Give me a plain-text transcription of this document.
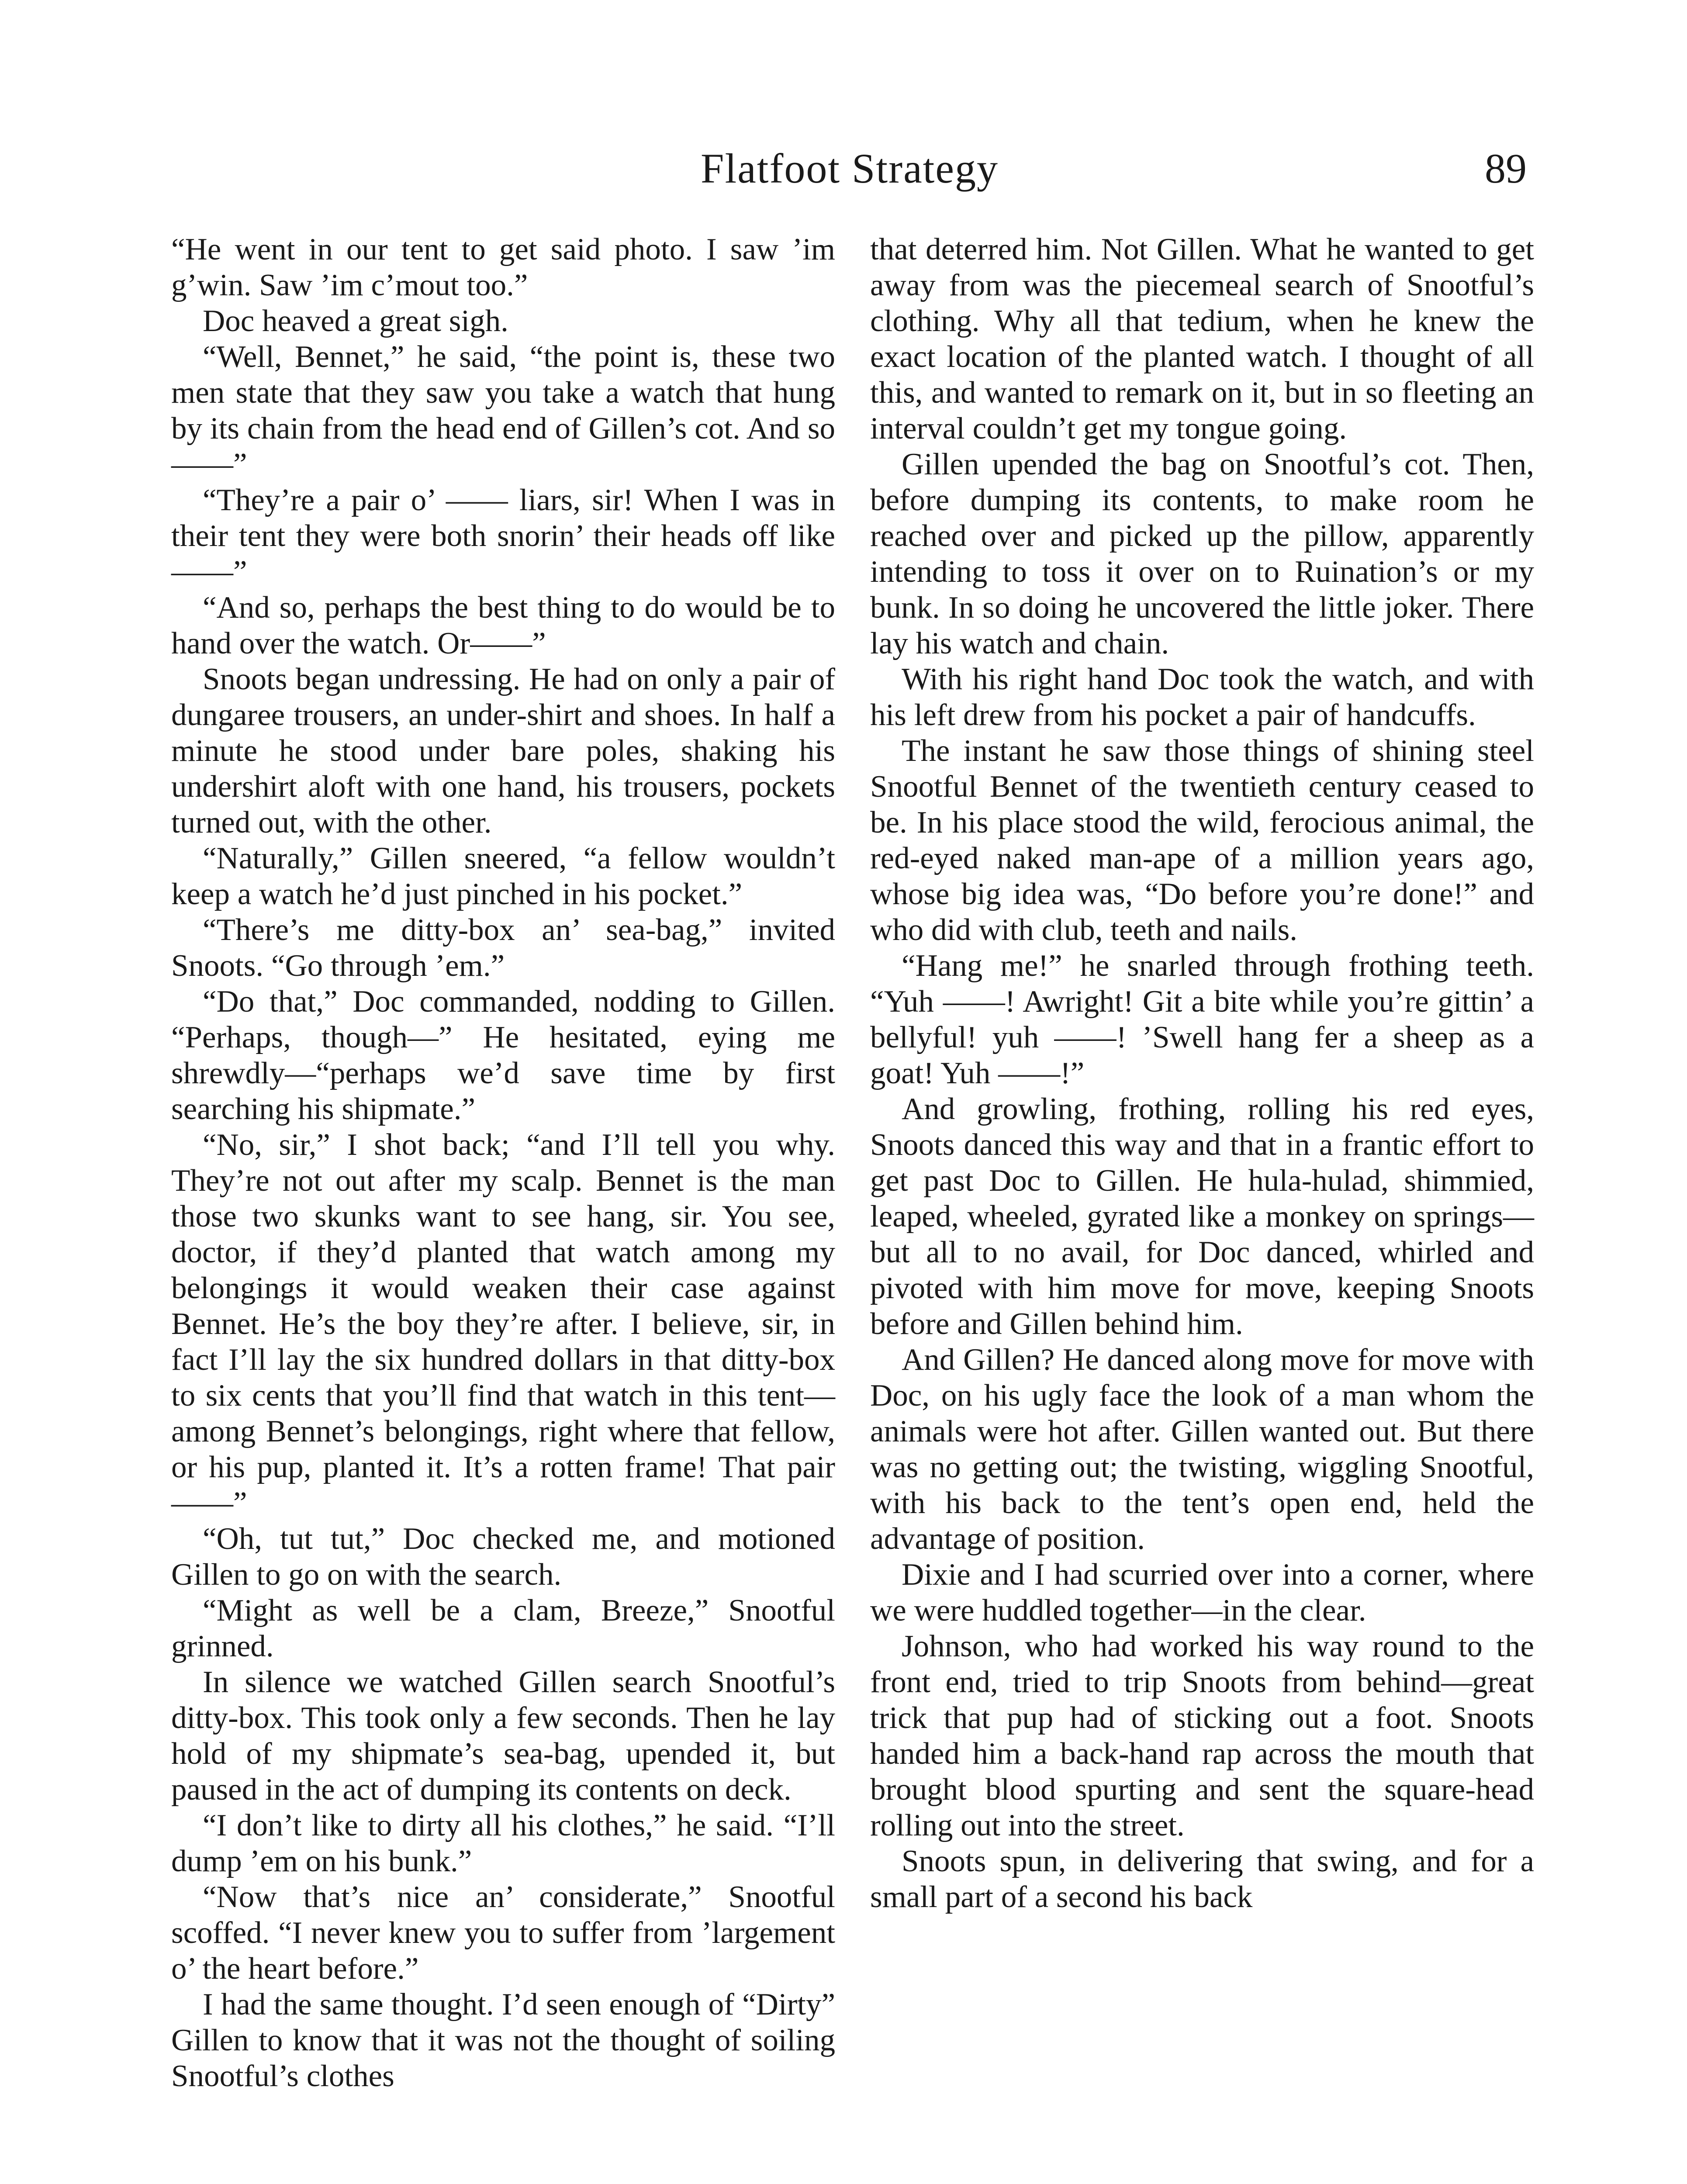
Flatfoot Strategy	89

“He went in our tent to get said photo. I saw ’im g’win. Saw ’im c’mout too.”

Doc heaved a great sigh.

“Well, Bennet,” he said, “the point is, these two men state that they saw you take a watch that hung by its chain from the head end of Gillen’s cot. And so——”

“They’re a pair o’ —— liars, sir! When I was in their tent they were both snorin’ their heads off like——”

“And so, perhaps the best thing to do would be to hand over the watch. Or——”

Snoots began undressing. He had on only a pair of dungaree trousers, an under-shirt and shoes. In half a minute he stood under bare poles, shaking his undershirt aloft with one hand, his trousers, pockets turned out, with the other.

“Naturally,” Gillen sneered, “a fellow wouldn’t keep a watch he’d just pinched in his pocket.”

“There’s me ditty-box an’ sea-bag,” invited Snoots. “Go through ’em.”

“Do that,” Doc commanded, nodding to Gillen. “Perhaps, though—” He hesitated, eying me shrewdly—“perhaps we’d save time by first searching his shipmate.”

“No, sir,” I shot back; “and I’ll tell you why. They’re not out after my scalp. Bennet is the man those two skunks want to see hang, sir. You see, doctor, if they’d planted that watch among my belongings it would weaken their case against Bennet. He’s the boy they’re after. I believe, sir, in fact I’ll lay the six hundred dollars in that ditty-box to six cents that you’ll find that watch in this tent—among Bennet’s belongings, right where that fellow, or his pup, planted it. It’s a rotten frame! That pair——”

“Oh, tut tut,” Doc checked me, and motioned Gillen to go on with the search.

“Might as well be a clam, Breeze,” Snootful grinned.

In silence we watched Gillen search Snootful’s ditty-box. This took only a few seconds. Then he lay hold of my shipmate’s sea-bag, upended it, but paused in the act of dumping its contents on deck.

“I don’t like to dirty all his clothes,” he said. “I’ll dump ’em on his bunk.”

“Now that’s nice an’ considerate,” Snootful scoffed. “I never knew you to suffer from ’largement o’ the heart before.”

I had the same thought. I’d seen enough of “Dirty” Gillen to know that it was not the thought of soiling Snootful’s clothes

that deterred him. Not Gillen. What he wanted to get away from was the piecemeal search of Snootful’s clothing. Why all that tedium, when he knew the exact location of the planted watch. I thought of all this, and wanted to remark on it, but in so fleeting an interval couldn’t get my tongue going.

Gillen upended the bag on Snootful’s cot. Then, before dumping its contents, to make room he reached over and picked up the pillow, apparently intending to toss it over on to Ruination’s or my bunk. In so doing he uncovered the little joker. There lay his watch and chain.

With his right hand Doc took the watch, and with his left drew from his pocket a pair of handcuffs.

The instant he saw those things of shining steel Snootful Bennet of the twentieth century ceased to be. In his place stood the wild, ferocious animal, the red-eyed naked man-ape of a million years ago, whose big idea was, “Do before you’re done!” and who did with club, teeth and nails.

“Hang me!” he snarled through frothing teeth. “Yuh ——! Awright! Git a bite while you’re gittin’ a bellyful! yuh ——! ’Swell hang fer a sheep as a goat! Yuh ——!”

And growling, frothing, rolling his red eyes, Snoots danced this way and that in a frantic effort to get past Doc to Gillen. He hula-hulad, shimmied, leaped, wheeled, gyrated like a monkey on springs—but all to no avail, for Doc danced, whirled and pivoted with him move for move, keeping Snoots before and Gillen behind him.

And Gillen? He danced along move for move with Doc, on his ugly face the look of a man whom the animals were hot after. Gillen wanted out. But there was no getting out; the twisting, wiggling Snootful, with his back to the tent’s open end, held the advantage of position.

Dixie and I had scurried over into a corner, where we were huddled together—in the clear.

Johnson, who had worked his way round to the front end, tried to trip Snoots from behind—great trick that pup had of sticking out a foot. Snoots handed him a back-hand rap across the mouth that brought blood spurting and sent the square-head rolling out into the street.

Snoots spun, in delivering that swing, and for a small part of a second his back
